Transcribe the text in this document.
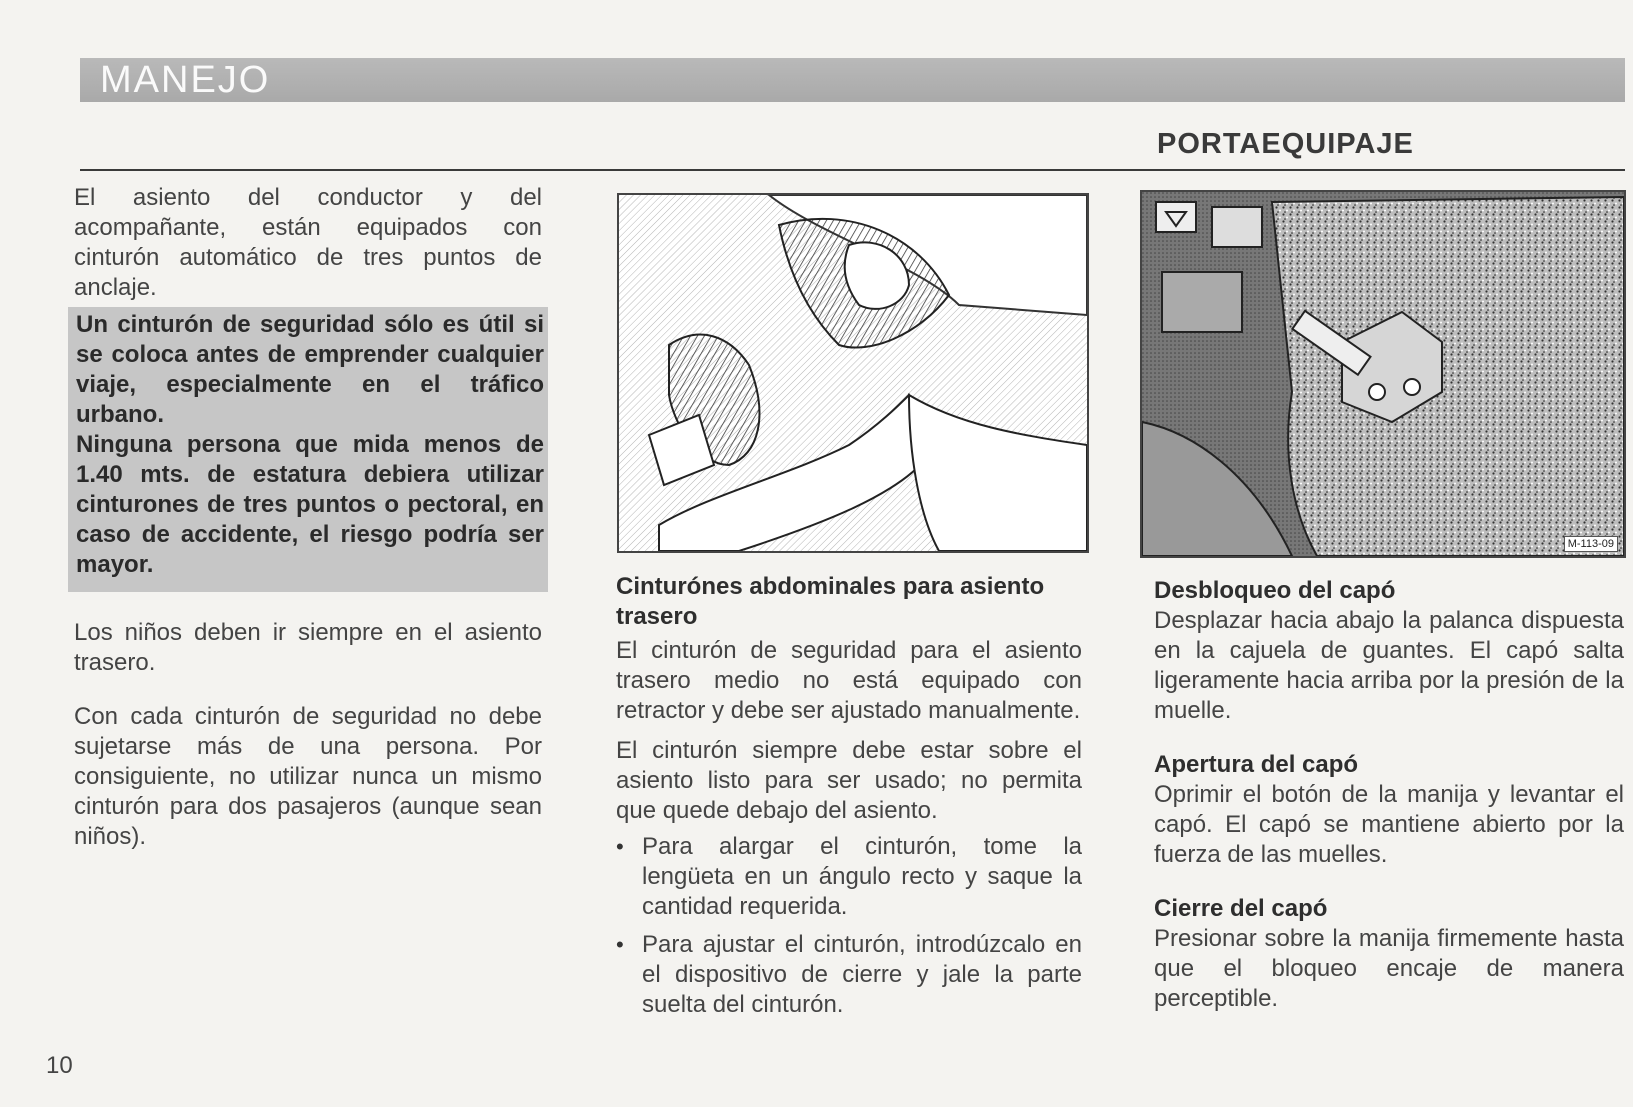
MANEJO
PORTAEQUIPAJE

El asiento del conductor y del acompañante, están equipados con cinturón automático de tres puntos de anclaje.

Un cinturón de seguridad sólo es útil si se coloca antes de emprender cualquier viaje, especialmente en el tráfico urbano.

Ninguna persona que mida menos de 1.40 mts. de estatura debiera utilizar cinturones de tres puntos o pectoral, en caso de accidente, el riesgo podría ser mayor.

Los niños deben ir siempre en el asiento trasero.

Con cada cinturón de seguridad no debe sujetarse más de una persona. Por consiguiente, no utilizar nunca un mismo cinturón para dos pasajeros (aunque sean niños).

Cinturónes abdominales para asiento trasero

El cinturón de seguridad para el asiento trasero medio no está equipado con retractor y debe ser ajustado manualmente.

El cinturón siempre debe estar sobre el asiento listo para ser usado; no permita que quede debajo del asiento.

• Para alargar el cinturón, tome la lengüeta en un ángulo recto y saque la cantidad requerida.

• Para ajustar el cinturón, introdúzcalo en el dispositivo de cierre y jale la parte suelta del cinturón.

M-113-09
Desbloqueo del capó

Desplazar hacia abajo la palanca dispuesta en la cajuela de guantes. El capó salta ligeramente hacia arriba por la presión de la muelle.

Apertura del capó

Oprimir el botón de la manija y levantar el capó. El capó se mantiene abierto por la fuerza de las muelles.

Cierre del capó

Presionar sobre la manija firmemente hasta que el bloqueo encaje de manera perceptible.

10
